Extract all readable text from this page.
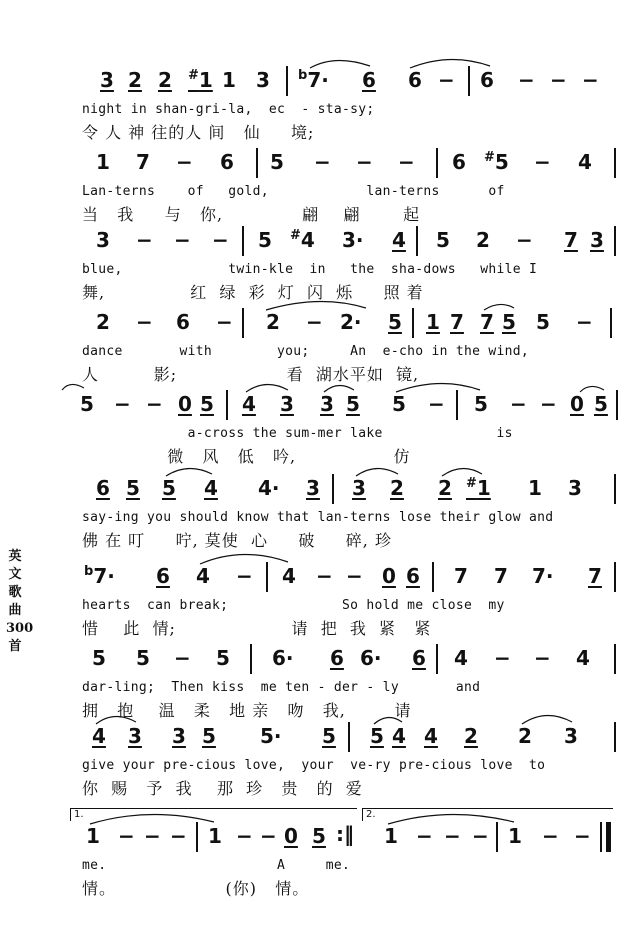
英文歌曲300首
3 2 2 #1 1 3 $^b$7· 6 6 − 6 − − −
night in shan-gri-la,  ec  - sta-sy;
令 人 神 往的人 间   仙     境;
1 7 − 6 5 − − − 6 #5 − 4
Lan-terns    of   gold,            lan-terns      of
当   我     与   你,             翩    翩       起
3 − − − 5 #4 3· 4 5 2 − 7 3
blue,             twin-kle  in   the  sha-dows   while I
舞,              红  绿  彩  灯  闪  烁     照 着
2 − 6 − 2 − 2· 5 1 7 7 5 5 −
dance       with        you;     An  e-cho in the wind,
人         影;                  看  湖水平如  镜,
5 − − 0 5 4 3 3 5 5 − 5 − − 0 5
a-cross the sum-mer lake              is
微   风   低   吟,                仿
6 5 5 4 4· 3 3 2 2 #1 1 3
say-ing you should know that lan-terns lose their glow and
佛 在 叮     咛, 莫使  心     破     碎, 珍
$^b$7· 6 4 − 4 − − 0 6 7 7 7· 7
hearts  can break;              So hold me close  my
惜    此  情;                   请  把  我  紧   紧
5 5 − 5 6· 6 6· 6 4 − − 4
dar-ling;  Then kiss  me ten - der - ly       and
拥   抱    温   柔   地 亲   吻   我,        请
4 3 3 5 5· 5 5 4 4 2 2 3
give your pre-cious love,  your  ve-ry pre-cious love  to
你  赐   予  我    那  珍   贵   的  爱
1.	2.
1 − − − 1 − − 0 5 :‖ 1 − − − 1 − −
me.                     A     me.
情。                  (你)   情。
